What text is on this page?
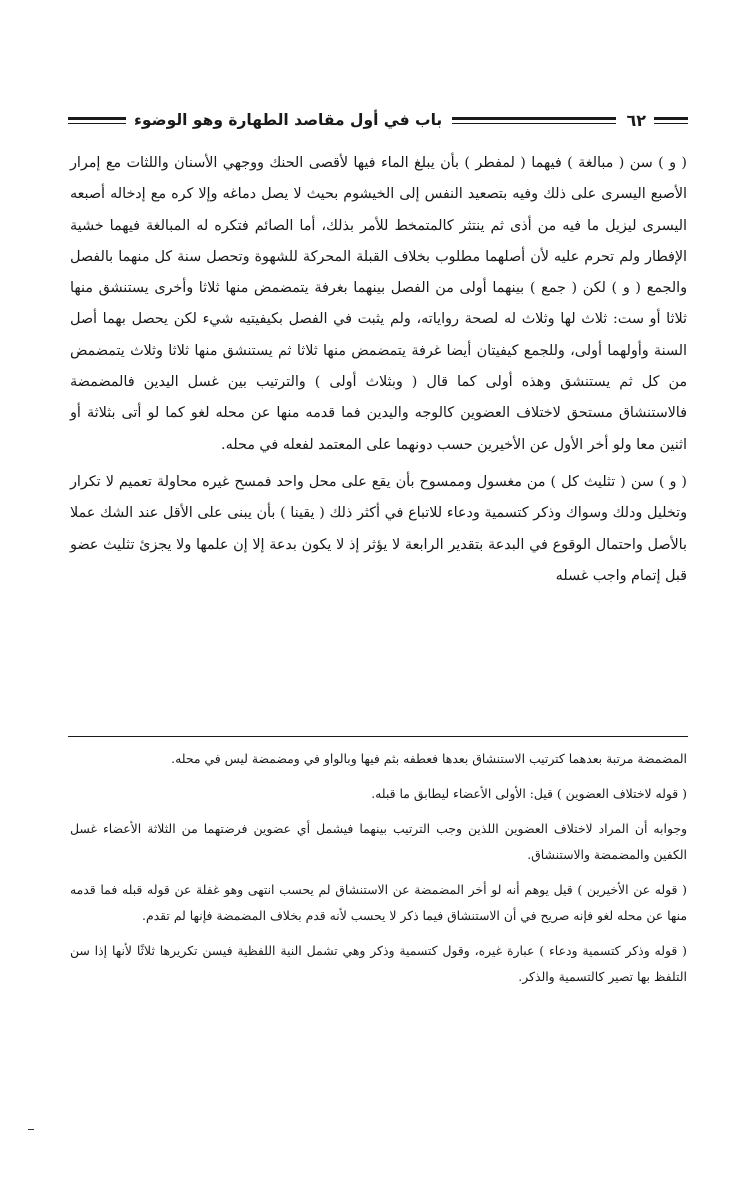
باب في أول مقاصد الطهارة وهو الوضوء	٦٢

( و ) سن ( مبالغة ) فيهما ( لمفطر ) بأن يبلغ الماء فيها لأقصى الحنك ووجهي الأسنان واللثات مع إمرار الأصبع اليسرى على ذلك وفيه بتصعيد النفس إلى الخيشوم بحيث لا يصل دماغه وإلا كره مع إدخاله أصبعه اليسرى ليزيل ما فيه من أذى ثم ينتثر كالمتمخط للأمر بذلك، أما الصائم فتكره له المبالغة فيهما خشية الإفطار ولم تحرم عليه لأن أصلهما مطلوب بخلاف القبلة المحركة للشهوة وتحصل سنة كل منهما بالفصل والجمع ( و ) لكن ( جمع ) بينهما أولى من الفصل بينهما بغرفة يتمضمض منها ثلاثا وأخرى يستنشق منها ثلاثا أو ست: ثلاث لها وثلاث له لصحة رواياته، ولم يثبت في الفصل بكيفيتيه شيء لكن يحصل بهما أصل السنة وأولهما أولى، وللجمع كيفيتان أيضا غرفة يتمضمض منها ثلاثا ثم يستنشق منها ثلاثا وثلاث يتمضمض من كل ثم يستنشق وهذه أولى كما قال ( وبثلاث أولى ) والترتيب بين غسل اليدين فالمضمضة فالاستنشاق مستحق لاختلاف العضوين كالوجه واليدين فما قدمه منها عن محله لغو كما لو أتى بثلاثة أو اثنين معا ولو أخر الأول عن الأخيرين حسب دونهما على المعتمد لفعله في محله.

( و ) سن ( تثليث كل ) من مغسول وممسوح بأن يقع على محل واحد فمسح غيره محاولة تعميم لا تكرار وتخليل ودلك وسواك وذكر كتسمية ودعاء للاتباع في أكثر ذلك ( يقينا ) بأن يبنى على الأقل عند الشك عملا بالأصل واحتمال الوقوع في البدعة بتقدير الرابعة لا يؤثر إذ لا يكون بدعة إلا إن علمها ولا يجزئ تثليث عضو قبل إتمام واجب غسله

المضمضة مرتبة بعدهما كترتيب الاستنشاق بعدها فعطفه بثم فيها وبالواو في ومضمضة ليس في محله.

( قوله لاختلاف العضوين ) قيل: الأولى الأعضاء ليطابق ما قبله.

وجوابه أن المراد لاختلاف العضوين اللذين وجب الترتيب بينهما فيشمل أي عضوين فرضتهما من الثلاثة الأعضاء غسل الكفين والمضمضة والاستنشاق.

( قوله عن الأخيرين ) قيل يوهم أنه لو أخر المضمضة عن الاستنشاق لم يحسب انتهى وهو غفلة عن قوله قبله فما قدمه منها عن محله لغو فإنه صريح في أن الاستنشاق فيما ذكر لا يحسب لأنه قدم بخلاف المضمضة فإنها لم تقدم.

( قوله وذكر كتسمية ودعاء ) عبارة غيره، وقول كتسمية وذكر وهي تشمل النية اللفظية فيسن تكريرها ثلاثًا لأنها إذا سن التلفظ بها تصير كالتسمية والذكر.
